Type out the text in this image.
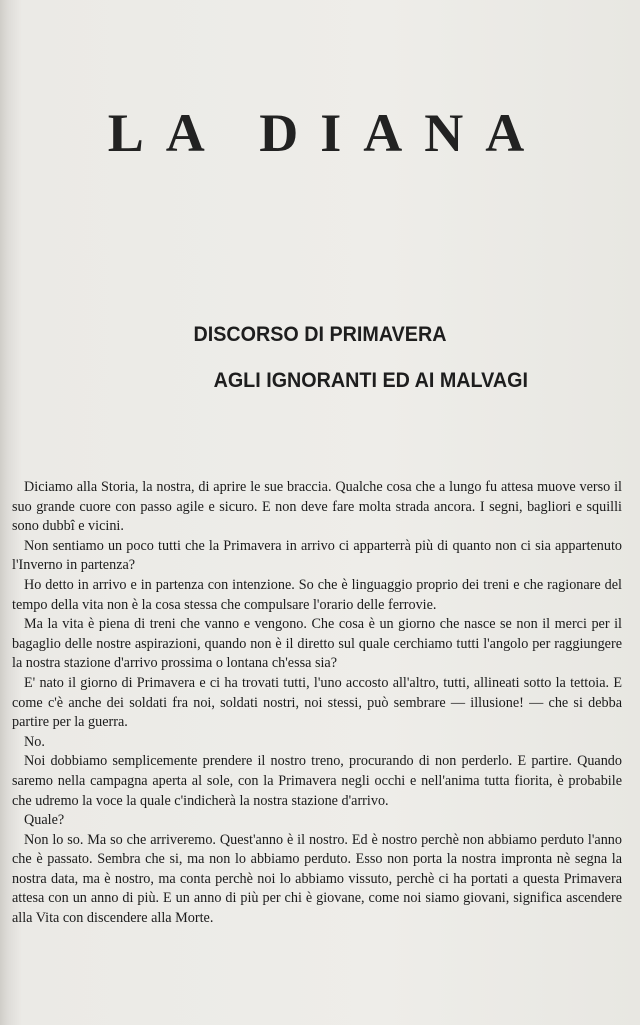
LA DIANA
DISCORSO DI PRIMAVERA
AGLI IGNORANTI ED AI MALVAGI

Diciamo alla Storia, la nostra, di aprire le sue braccia. Qualche cosa che a lungo fu attesa muove verso il suo grande cuore con passo agile e sicuro. E non deve fare molta strada ancora. I segni, bagliori e squilli sono dubbî e vicini.

Non sentiamo un poco tutti che la Primavera in arrivo ci apparterrà più di quanto non ci sia appartenuto l'Inverno in partenza?

Ho detto in arrivo e in partenza con intenzione. So che è linguaggio proprio dei treni e che ragionare del tempo della vita non è la cosa stessa che compulsare l'orario delle ferrovie.

Ma la vita è piena di treni che vanno e vengono. Che cosa è un giorno che nasce se non il merci per il bagaglio delle nostre aspirazioni, quando non è il diretto sul quale cerchiamo tutti l'angolo per raggiungere la nostra stazione d'arrivo prossima o lontana ch'essa sia?

E' nato il giorno di Primavera e ci ha trovati tutti, l'uno accosto all'altro, tutti, allineati sotto la tettoia. E come c'è anche dei soldati fra noi, soldati nostri, noi stessi, può sembrare — illusione! — che si debba partire per la guerra.

No.

Noi dobbiamo semplicemente prendere il nostro treno, procurando di non perderlo. E partire. Quando saremo nella campagna aperta al sole, con la Primavera negli occhi e nell'anima tutta fiorita, è probabile che udremo la voce la quale c'indicherà la nostra stazione d'arrivo.

Quale?

Non lo so. Ma so che arriveremo. Quest'anno è il nostro. Ed è nostro perchè non abbiamo perduto l'anno che è passato. Sembra che si, ma non lo abbiamo perduto. Esso non porta la nostra impronta nè segna la nostra data, ma è nostro, ma conta perchè noi lo abbiamo vissuto, perchè ci ha portati a questa Primavera attesa con un anno di più. E un anno di più per chi è giovane, come noi siamo giovani, significa ascendere alla Vita con discendere alla Morte.
